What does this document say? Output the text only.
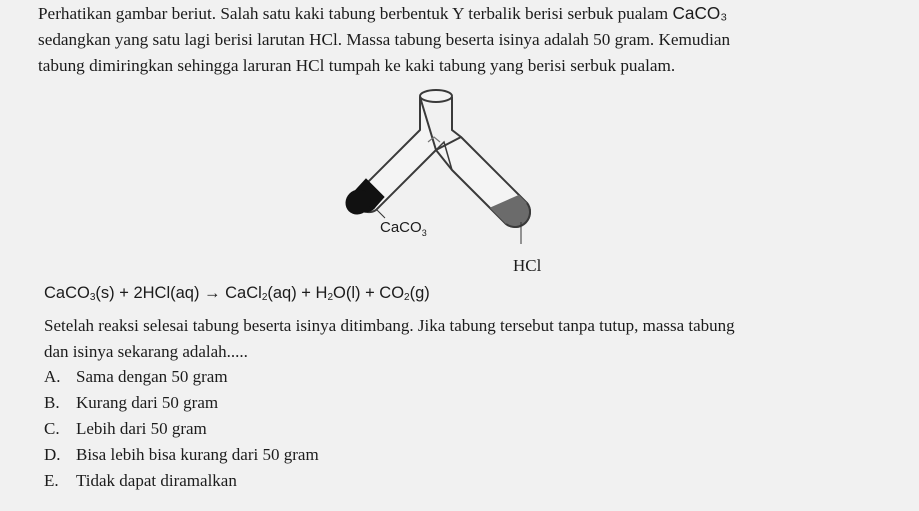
Perhatikan gambar beriut. Salah satu kaki tabung berbentuk Y terbalik berisi serbuk pualam CaCO₃
sedangkan yang satu lagi berisi larutan HCl. Massa tabung beserta isinya adalah 50 gram. Kemudian
tabung dimiringkan sehingga laruran HCl tumpah ke kaki tabung yang berisi serbuk pualam.
CaCO$_3$
HCl
CaCO$_3$(s) + 2HCl(aq) → CaCl$_2$(aq) + $H_2O(l) + CO_2(g)$
Setelah reaksi selesai tabung beserta isinya ditimbang. Jika tabung tersebut tanpa tutup, massa tabung
dan isinya sekarang adalah.....
A. Sama dengan 50 gram
B. Kurang dari 50 gram
C. Lebih dari 50 gram
D. Bisa lebih bisa kurang dari 50 gram
E. Tidak dapat diramalkan
